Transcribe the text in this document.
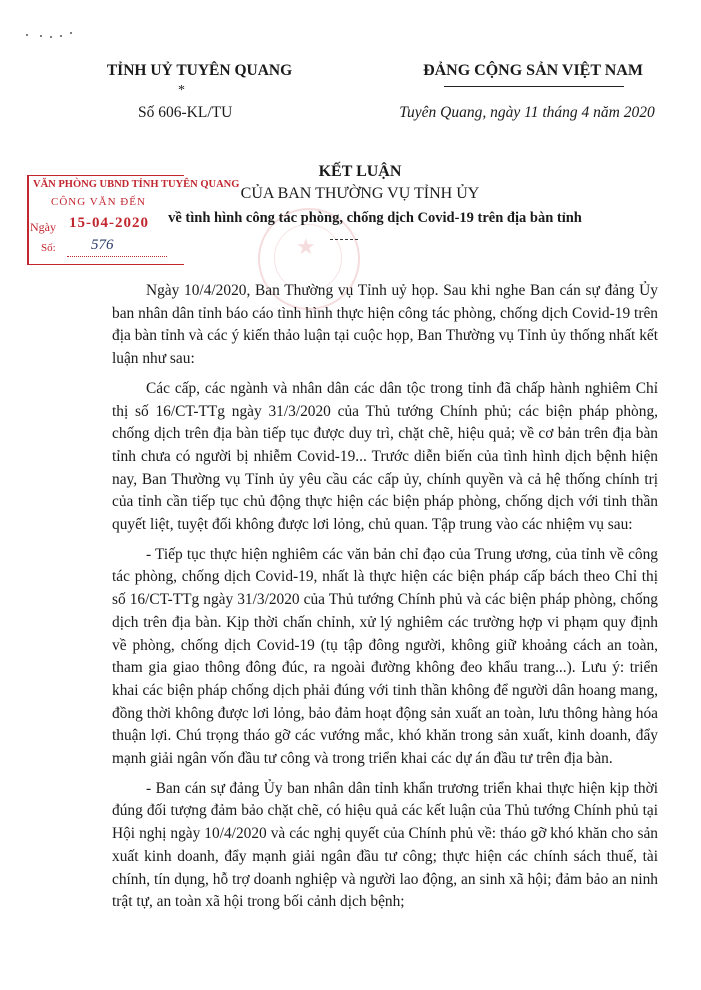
TỈNH UỶ TUYÊN QUANG
*
Số 606-KL/TU
ĐẢNG CỘNG SẢN VIỆT NAM
Tuyên Quang, ngày 11 tháng 4 năm 2020
★
KẾT LUẬN
CỦA BAN THƯỜNG VỤ TỈNH ỦY
về tình hình công tác phòng, chống dịch Covid-19 trên địa bàn tỉnh
VĂN PHÒNG UBND TỈNH TUYÊN QUANG
CÔNG VĂN ĐẾN
Ngày 15-04-2020
Số: 576

Ngày 10/4/2020, Ban Thường vụ Tỉnh uỷ họp. Sau khi nghe Ban cán sự đảng Ủy ban nhân dân tỉnh báo cáo tình hình thực hiện công tác phòng, chống dịch Covid-19 trên địa bàn tỉnh và các ý kiến thảo luận tại cuộc họp, Ban Thường vụ Tỉnh ủy thống nhất kết luận như sau:

Các cấp, các ngành và nhân dân các dân tộc trong tỉnh đã chấp hành nghiêm Chỉ thị số 16/CT-TTg ngày 31/3/2020 của Thủ tướng Chính phủ; các biện pháp phòng, chống dịch trên địa bàn tiếp tục được duy trì, chặt chẽ, hiệu quả; về cơ bản trên địa bàn tỉnh chưa có người bị nhiễm Covid-19... Trước diễn biến của tình hình dịch bệnh hiện nay, Ban Thường vụ Tỉnh ủy yêu cầu các cấp ủy, chính quyền và cả hệ thống chính trị của tỉnh cần tiếp tục chủ động thực hiện các biện pháp phòng, chống dịch với tinh thần quyết liệt, tuyệt đối không được lơi lỏng, chủ quan. Tập trung vào các nhiệm vụ sau:

- Tiếp tục thực hiện nghiêm các văn bản chỉ đạo của Trung ương, của tỉnh về công tác phòng, chống dịch Covid-19, nhất là thực hiện các biện pháp cấp bách theo Chỉ thị số 16/CT-TTg ngày 31/3/2020 của Thủ tướng Chính phủ và các biện pháp phòng, chống dịch trên địa bàn. Kịp thời chấn chỉnh, xử lý nghiêm các trường hợp vi phạm quy định về phòng, chống dịch Covid-19 (tụ tập đông người, không giữ khoảng cách an toàn, tham gia giao thông đông đúc, ra ngoài đường không đeo khẩu trang...). Lưu ý: triển khai các biện pháp chống dịch phải đúng với tinh thần không để người dân hoang mang, đồng thời không được lơi lỏng, bảo đảm hoạt động sản xuất an toàn, lưu thông hàng hóa thuận lợi. Chú trọng tháo gỡ các vướng mắc, khó khăn trong sản xuất, kinh doanh, đẩy mạnh giải ngân vốn đầu tư công và trong triển khai các dự án đầu tư trên địa bàn.

- Ban cán sự đảng Ủy ban nhân dân tỉnh khẩn trương triển khai thực hiện kịp thời đúng đối tượng đảm bảo chặt chẽ, có hiệu quả các kết luận của Thủ tướng Chính phủ tại Hội nghị ngày 10/4/2020 và các nghị quyết của Chính phủ về: tháo gỡ khó khăn cho sản xuất kinh doanh, đẩy mạnh giải ngân đầu tư công; thực hiện các chính sách thuế, tài chính, tín dụng, hỗ trợ doanh nghiệp và người lao động, an sinh xã hội; đảm bảo an ninh trật tự, an toàn xã hội trong bối cảnh dịch bệnh;
